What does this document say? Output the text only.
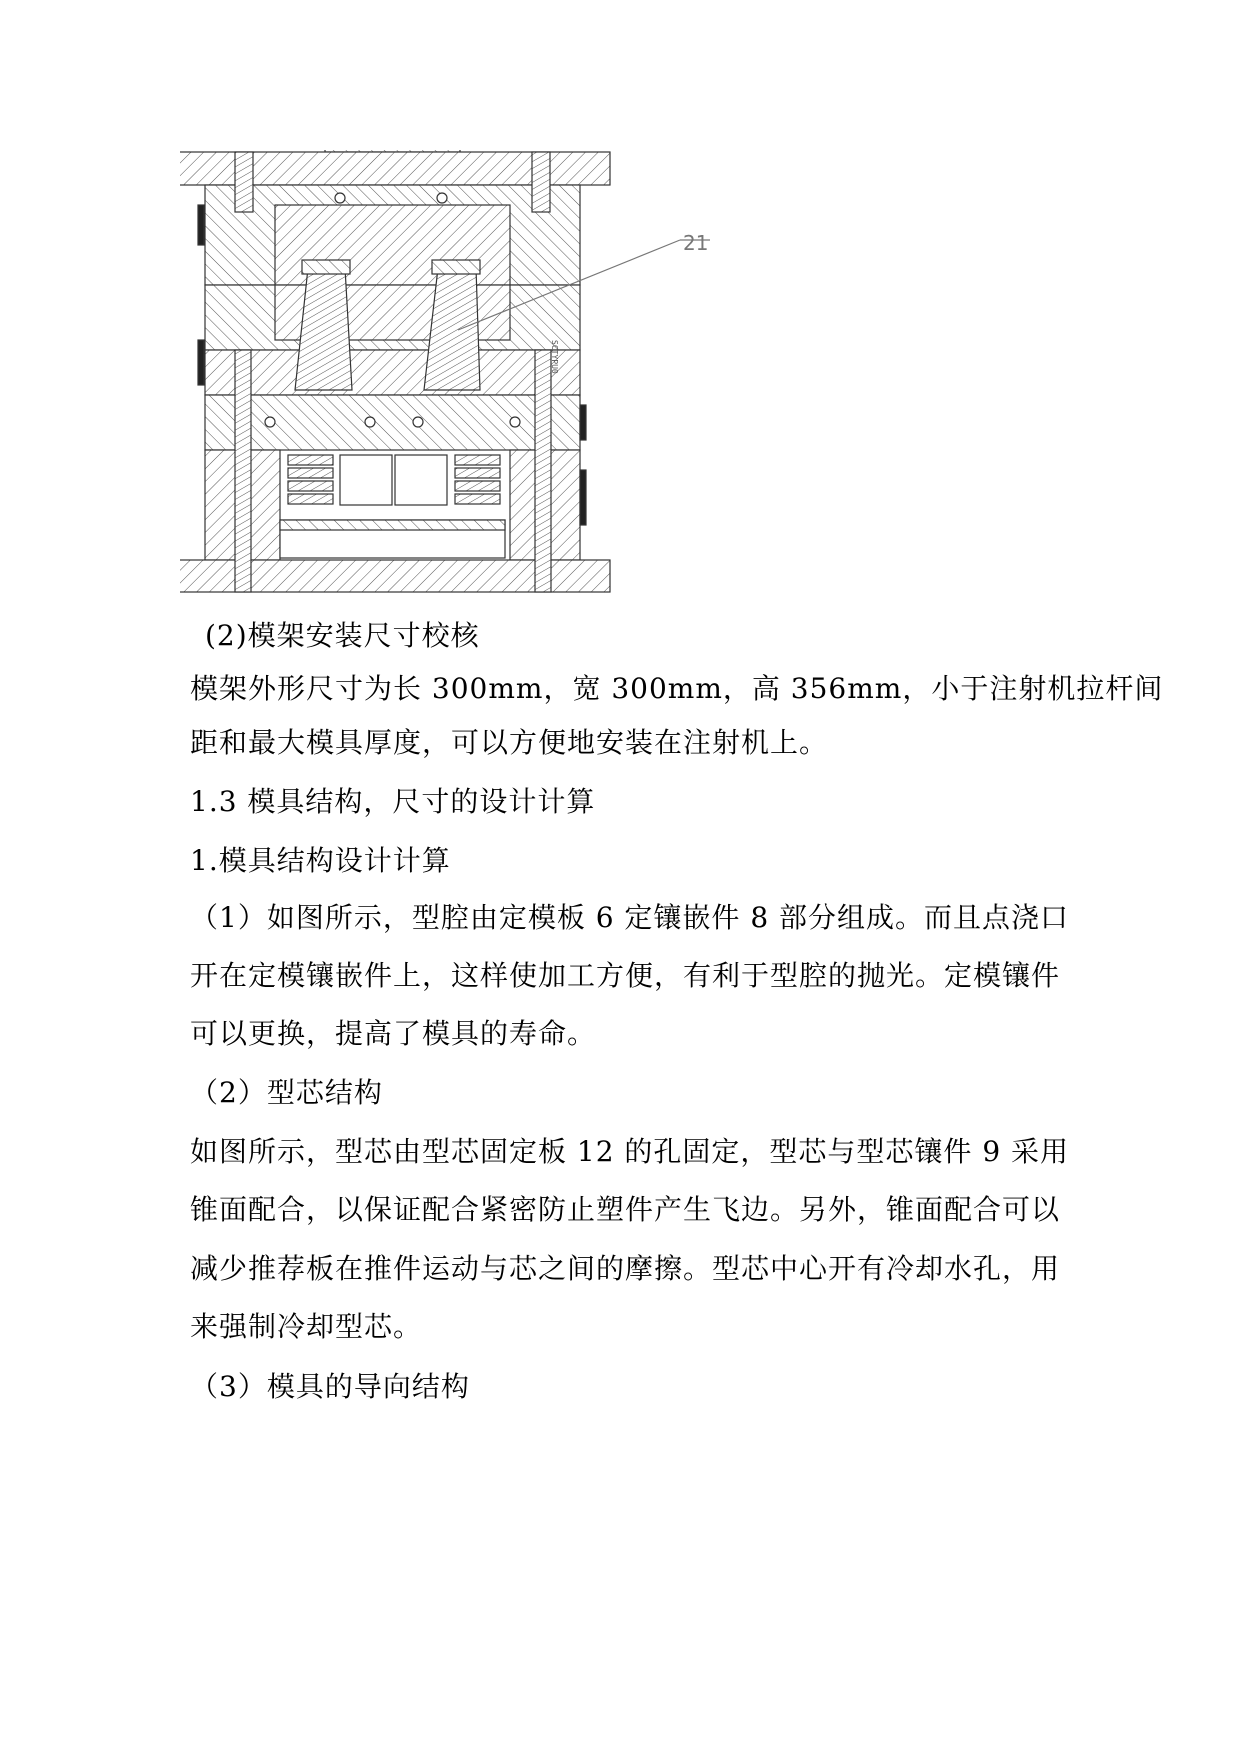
21
SCTYPU0
(2)模架安装尺寸校核
模架外形尺寸为长 300mm，宽 300mm，高 356mm，小于注射机拉杆间
距和最大模具厚度，可以方便地安装在注射机上。
1.3 模具结构，尺寸的设计计算
1.模具结构设计计算
（1）如图所示，型腔由定模板 6 定镶嵌件 8 部分组成。而且点浇口
开在定模镶嵌件上，这样使加工方便，有利于型腔的抛光。定模镶件
可以更换，提高了模具的寿命。
（2）型芯结构
如图所示，型芯由型芯固定板 12 的孔固定，型芯与型芯镶件 9 采用
锥面配合，以保证配合紧密防止塑件产生飞边。另外，锥面配合可以
减少推荐板在推件运动与芯之间的摩擦。型芯中心开有冷却水孔，用
来强制冷却型芯。
（3）模具的导向结构
